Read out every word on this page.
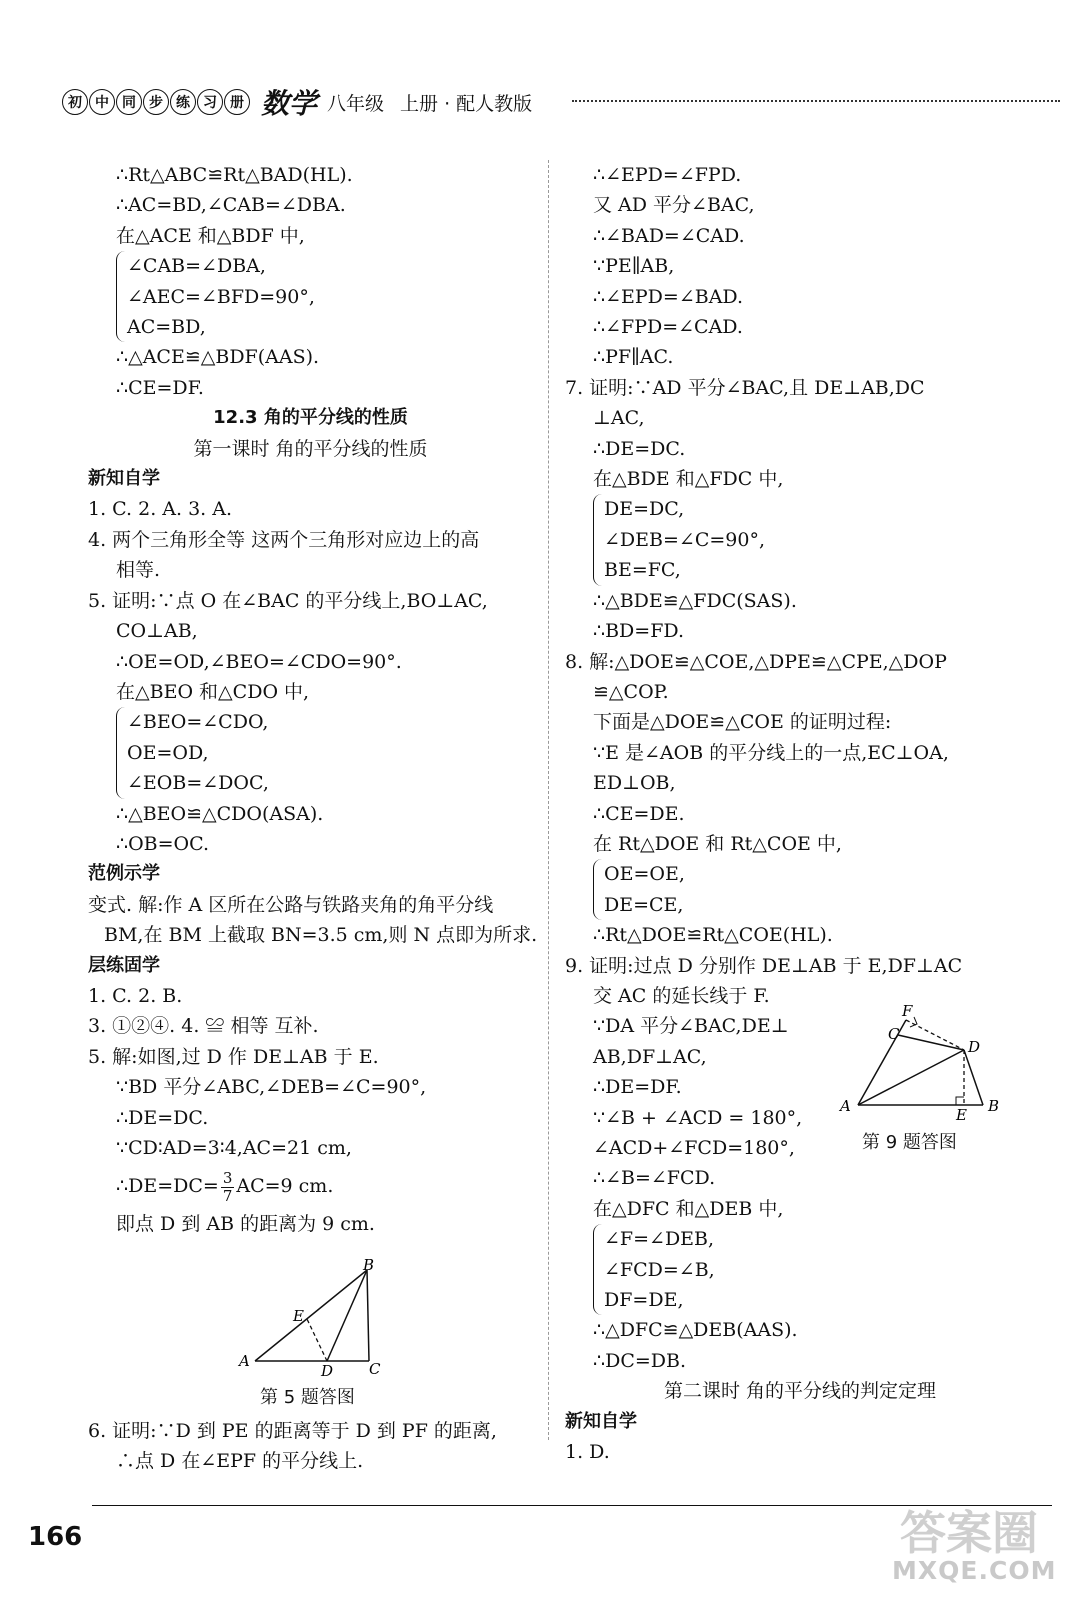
初 中 同 步 练 习 册 数学 八年级 上册 · 配人教版
∴Rt△ABC≌Rt△BAD(HL).
∴AC=BD,∠CAB=∠DBA.
在△ACE 和△BDF 中,
∠CAB=∠DBA,
∠AEC=∠BFD=90°,
AC=BD,
∴△ACE≌△BDF(AAS).
∴CE=DF.
12.3 角的平分线的性质
第一课时 角的平分线的性质
新知自学
1. C. 2. A. 3. A.
4. 两个三角形全等 这两个三角形对应边上的高
相等.
5. 证明:∵点 O 在∠BAC 的平分线上,BO⊥AC,
CO⊥AB,
∴OE=OD,∠BEO=∠CDO=90°.
在△BEO 和△CDO 中,
∠BEO=∠CDO,
OE=OD,
∠EOB=∠DOC,
∴△BEO≌△CDO(ASA).
∴OB=OC.
范例示学
变式. 解:作 A 区所在公路与铁路夹角的角平分线
BM,在 BM 上截取 BN=3.5 cm,则 N 点即为所求.
层练固学
1. C. 2. B.
3. ①②④. 4. ≌ 相等 互补.
5. 解:如图,过 D 作 DE⊥AB 于 E.
∵BD 平分∠ABC,∠DEB=∠C=90°,
∴DE=DC.
∵CD∶AD=3∶4,AC=21 cm,
∴DE=DC= $\frac{3}{7} AC=9$ cm.
即点 D 到 AB 的距离为 9 cm.
A
B
C
D
E
第 5 题答图
6. 证明:∵D 到 PE 的距离等于 D 到 PF 的距离,
∴点 D 在∠EPF 的平分线上.
∴∠EPD=∠FPD.
又 AD 平分∠BAC,
∴∠BAD=∠CAD.
∵PE∥AB,
∴∠EPD=∠BAD.
∴∠FPD=∠CAD.
∴PF∥AC.
7. 证明:∵AD 平分∠BAC,且 DE⊥AB,DC
⊥AC,
∴DE=DC.
在△BDE 和△FDC 中,
DE=DC,
∠DEB=∠C=90°,
BE=FC,
∴△BDE≌△FDC(SAS).
∴BD=FD.
8. 解:△DOE≌△COE,△DPE≌△CPE,△DOP
≌△COP.
下面是△DOE≌△COE 的证明过程:
∵E 是∠AOB 的平分线上的一点,EC⊥OA,
ED⊥OB,
∴CE=DE.
在 Rt△DOE 和 Rt△COE 中,
OE=OE,
DE=CE,
∴Rt△DOE≌Rt△COE(HL).
9. 证明:过点 D 分别作 DE⊥AB 于 E,DF⊥AC
交 AC 的延长线于 F.
∵DA 平分∠BAC,DE⊥
AB,DF⊥AC,
∴DE=DF.
∵∠B + ∠ACD = 180°,
∠ACD+∠FCD=180°,
∴∠B=∠FCD.
在△DFC 和△DEB 中,
∠F=∠DEB,
∠FCD=∠B,
DF=DE,
∴△DFC≌△DEB(AAS).
∴DC=DB.
第二课时 角的平分线的判定定理
新知自学
1. D.
A	B
C
D
E
F
第 9 题答图
166	答案圈
MXQE.COM
